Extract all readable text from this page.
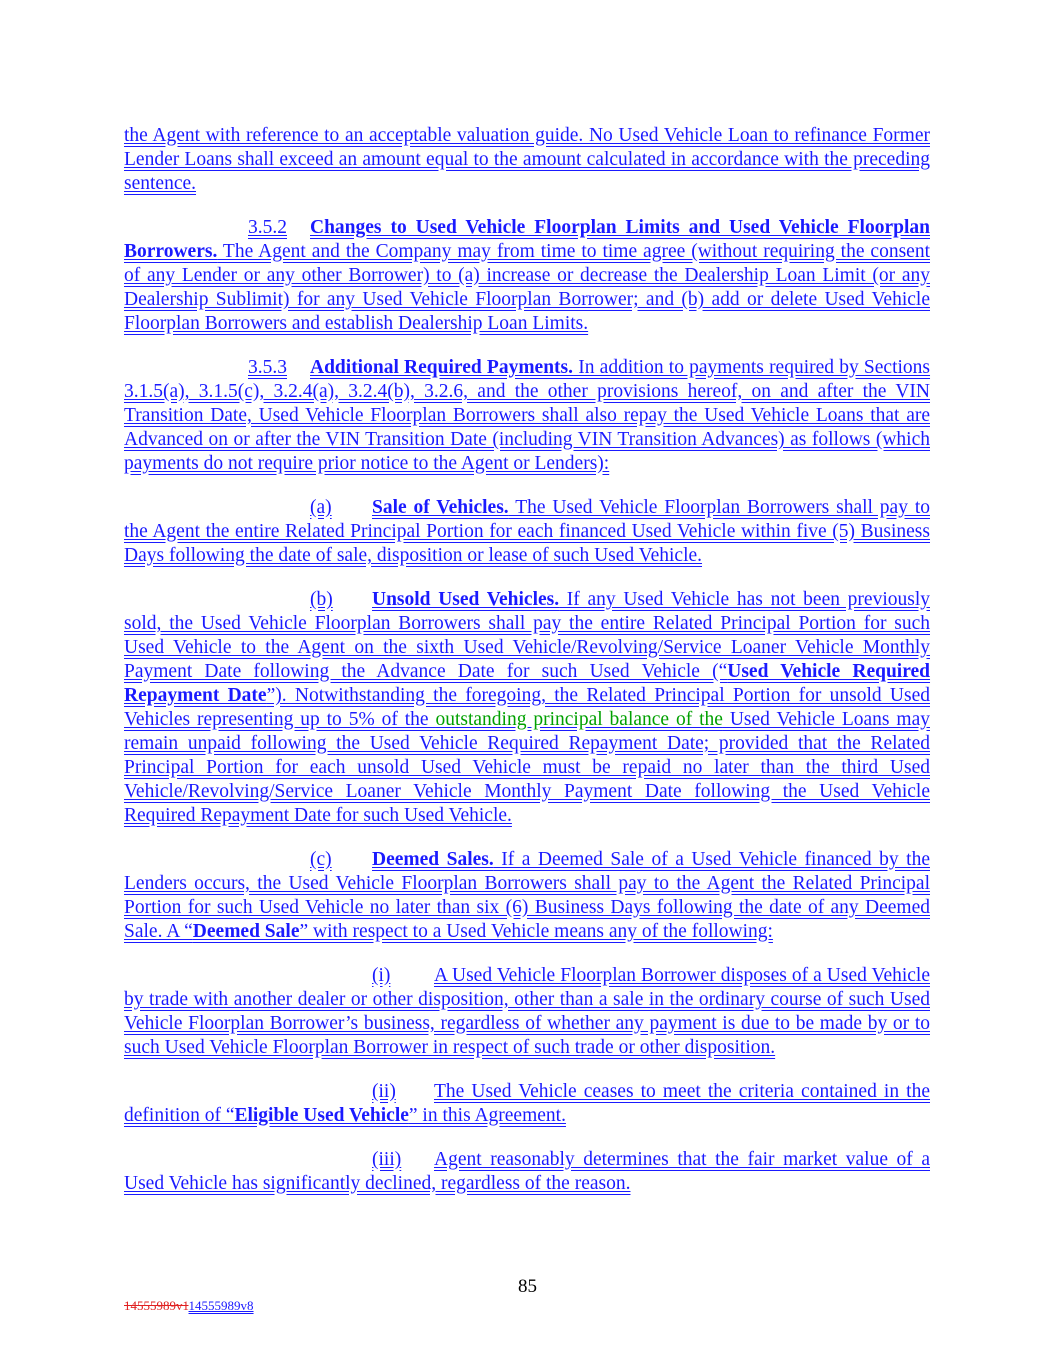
the Agent with reference to an acceptable valuation guide. No Used Vehicle Loan to refinance Former Lender Loans shall exceed an amount equal to the amount calculated in accordance with the preceding sentence.

3.5.2 Changes to Used Vehicle Floorplan Limits and Used Vehicle Floorplan Borrowers. The Agent and the Company may from time to time agree (without requiring the consent of any Lender or any other Borrower) to (a) increase or decrease the Dealership Loan Limit (or any Dealership Sublimit) for any Used Vehicle Floorplan Borrower; and (b) add or delete Used Vehicle Floorplan Borrowers and establish Dealership Loan Limits.

3.5.3 Additional Required Payments. In addition to payments required by Sections 3.1.5(a), 3.1.5(c), 3.2.4(a), 3.2.4(b), 3.2.6, and the other provisions hereof, on and after the VIN Transition Date, Used Vehicle Floorplan Borrowers shall also repay the Used Vehicle Loans that are Advanced on or after the VIN Transition Date (including VIN Transition Advances) as follows (which payments do not require prior notice to the Agent or Lenders):

(a) Sale of Vehicles. The Used Vehicle Floorplan Borrowers shall pay to the Agent the entire Related Principal Portion for each financed Used Vehicle within five (5) Business Days following the date of sale, disposition or lease of such Used Vehicle.

(b) Unsold Used Vehicles. If any Used Vehicle has not been previously sold, the Used Vehicle Floorplan Borrowers shall pay the entire Related Principal Portion for such Used Vehicle to the Agent on the sixth Used Vehicle/Revolving/Service Loaner Vehicle Monthly Payment Date following the Advance Date for such Used Vehicle (“Used Vehicle Required Repayment Date”). Notwithstanding the foregoing, the Related Principal Portion for unsold Used Vehicles representing up to 5% of the outstanding principal balance of the Used Vehicle Loans may remain unpaid following the Used Vehicle Required Repayment Date; provided that the Related Principal Portion for each unsold Used Vehicle must be repaid no later than the third Used Vehicle/Revolving/Service Loaner Vehicle Monthly Payment Date following the Used Vehicle Required Repayment Date for such Used Vehicle.

(c) Deemed Sales. If a Deemed Sale of a Used Vehicle financed by the Lenders occurs, the Used Vehicle Floorplan Borrowers shall pay to the Agent the Related Principal Portion for such Used Vehicle no later than six (6) Business Days following the date of any Deemed Sale. A “Deemed Sale” with respect to a Used Vehicle means any of the following:

(i) A Used Vehicle Floorplan Borrower disposes of a Used Vehicle by trade with another dealer or other disposition, other than a sale in the ordinary course of such Used Vehicle Floorplan Borrower’s business, regardless of whether any payment is due to be made by or to such Used Vehicle Floorplan Borrower in respect of such trade or other disposition.

(ii) The Used Vehicle ceases to meet the criteria contained in the definition of “Eligible Used Vehicle” in this Agreement.

(iii) Agent reasonably determines that the fair market value of a Used Vehicle has significantly declined, regardless of the reason.

85
14555989v114555989v8
